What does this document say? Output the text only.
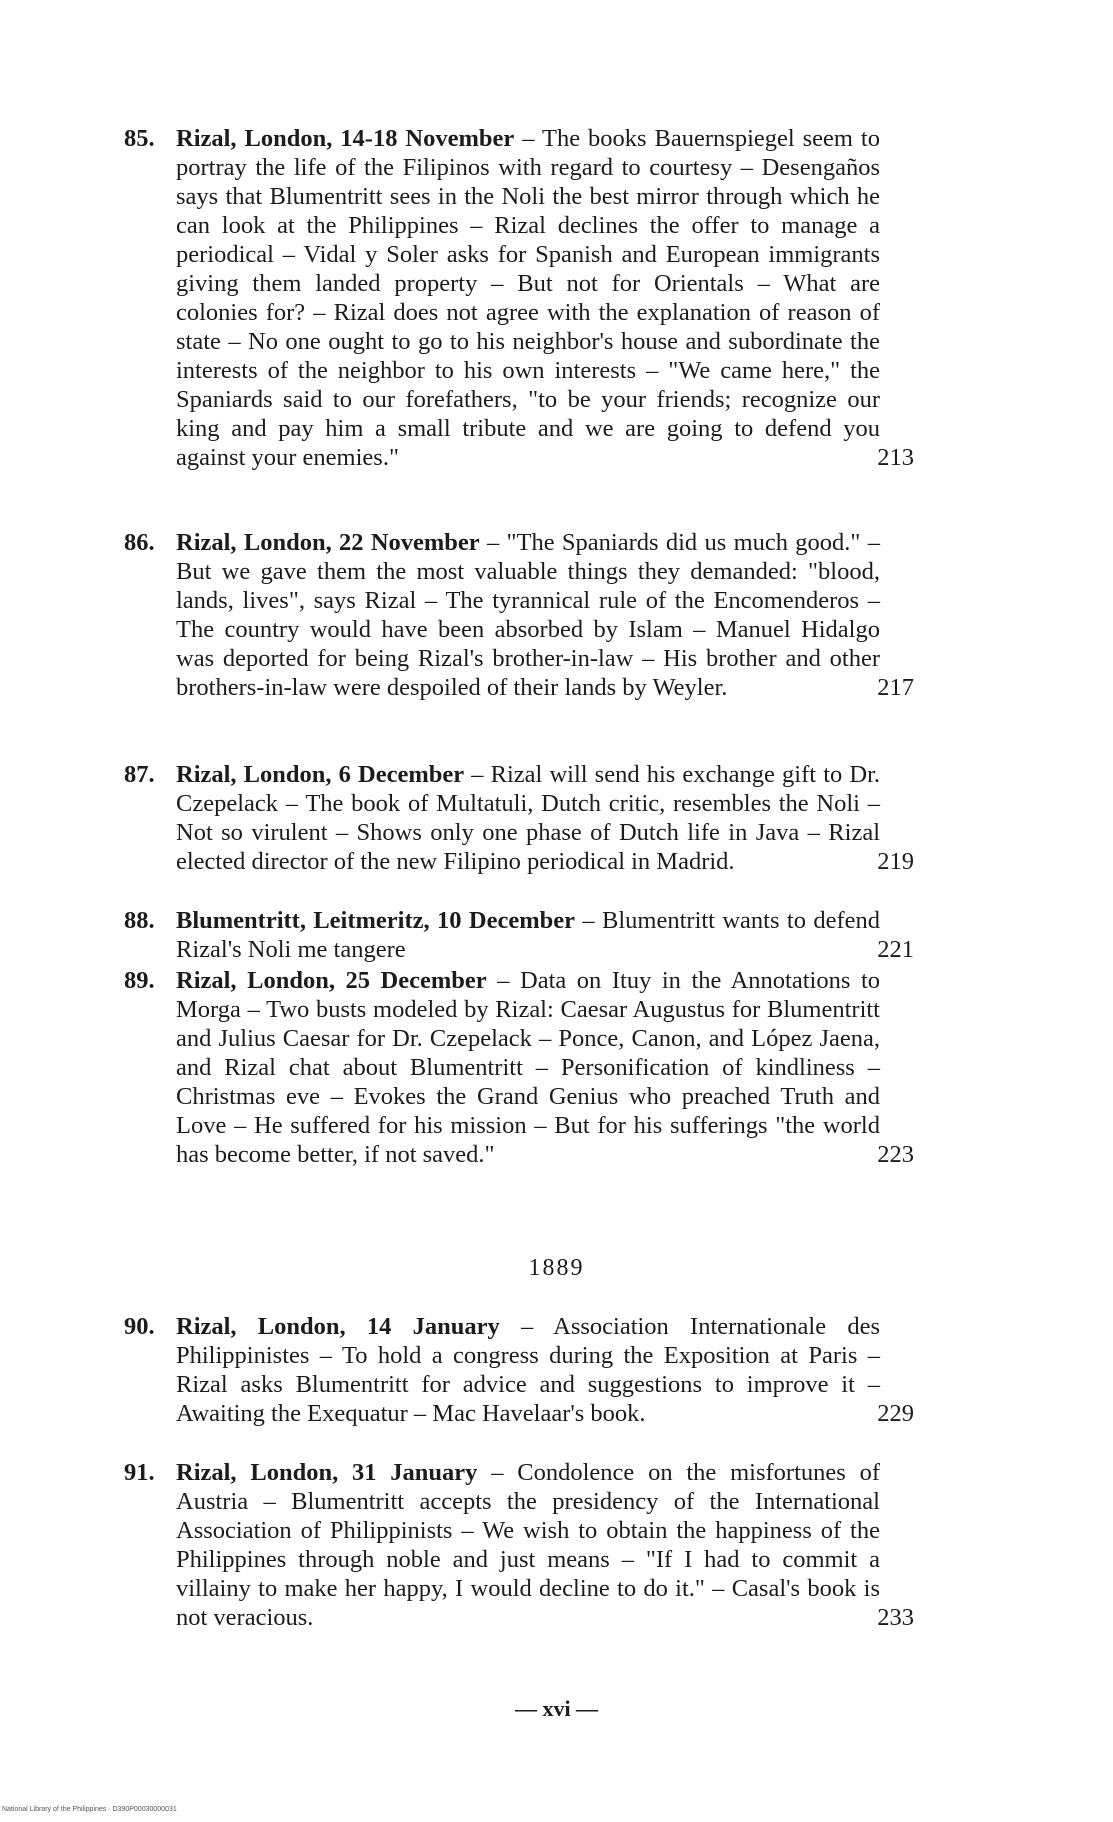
85. Rizal, London, 14-18 November – The books Bauernspiegel seem to portray the life of the Filipinos with regard to courtesy – Desengaños says that Blumentritt sees in the Noli the best mirror through which he can look at the Philippines – Rizal declines the offer to manage a periodical – Vidal y Soler asks for Spanish and European immigrants giving them landed property – But not for Orientals – What are colonies for? – Rizal does not agree with the explanation of reason of state – No one ought to go to his neighbor's house and subordinate the interests of the neighbor to his own interests – "We came here," the Spaniards said to our forefathers, "to be your friends; recognize our king and pay him a small tribute and we are going to defend you against your enemies."	213
86. Rizal, London, 22 November – "The Spaniards did us much good." – But we gave them the most valuable things they demanded: "blood, lands, lives", says Rizal – The tyrannical rule of the Encomenderos – The country would have been absorbed by Islam – Manuel Hidalgo was deported for being Rizal's brother-in-law – His brother and other brothers-in-law were despoiled of their lands by Weyler.	217
87. Rizal, London, 6 December – Rizal will send his exchange gift to Dr. Czepelack – The book of Multatuli, Dutch critic, resembles the Noli – Not so virulent – Shows only one phase of Dutch life in Java – Rizal elected director of the new Filipino periodical in Madrid.	219
88. Blumentritt, Leitmeritz, 10 December – Blumentritt wants to defend Rizal's Noli me tangere	221
89. Rizal, London, 25 December – Data on Ituy in the Annotations to Morga – Two busts modeled by Rizal: Caesar Augustus for Blumentritt and Julius Caesar for Dr. Czepelack – Ponce, Canon, and López Jaena, and Rizal chat about Blumentritt – Personification of kindliness – Christmas eve – Evokes the Grand Genius who preached Truth and Love – He suffered for his mission – But for his sufferings "the world has become better, if not saved."	223
1889
90. Rizal, London, 14 January – Association Internationale des Philippinistes – To hold a congress during the Exposition at Paris – Rizal asks Blumentritt for advice and suggestions to improve it – Awaiting the Exequatur – Mac Havelaar's book.	229
91. Rizal, London, 31 January – Condolence on the misfortunes of Austria – Blumentritt accepts the presidency of the International Association of Philippinists – We wish to obtain the happiness of the Philippines through noble and just means – "If I had to commit a villainy to make her happy, I would decline to do it." – Casal's book is not veracious.	233
— xvi —
National Library of the Philippines · D390P00030000031
